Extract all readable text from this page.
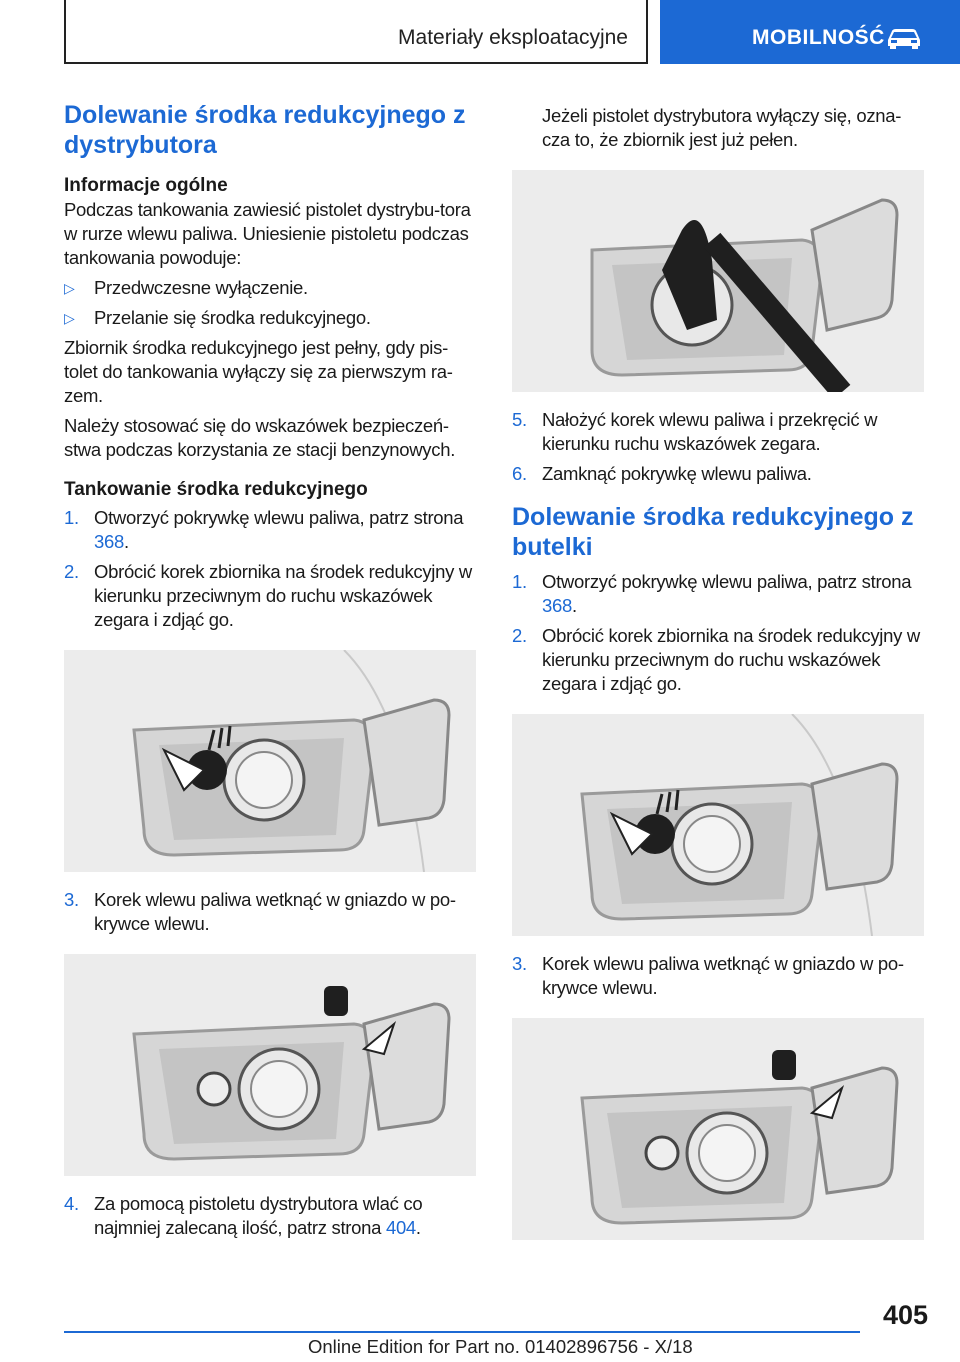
Materiały eksploatacyjne	MOBILNOŚĆ
Dolewanie środka redukcyjnego z dystrybutora
Informacje ogólne

Podczas tankowania zawiesić pistolet dystrybu-tora w rurze wlewu paliwa. Uniesienie pistoletu podczas tankowania powoduje:

▷ Przedwczesne wyłączenie.

▷ Przelanie się środka redukcyjnego.

Zbiornik środka redukcyjnego jest pełny, gdy pis-tolet do tankowania wyłączy się za pierwszym ra-zem.

Należy stosować się do wskazówek bezpieczeń-stwa podczas korzystania ze stacji benzynowych.

Tankowanie środka redukcyjnego

1. Otworzyć pokrywkę wlewu paliwa, patrz strona 368.

2. Obrócić korek zbiornika na środek redukcyjny w kierunku przeciwnym do ruchu wskazówek zegara i zdjąć go.

3. Korek wlewu paliwa wetknąć w gniazdo w po-krywce wlewu.

4. Za pomocą pistoletu dystrybutora wlać co najmniej zalecaną ilość, patrz strona 404.

Jeżeli pistolet dystrybutora wyłączy się, ozna-cza to, że zbiornik jest już pełen.

5. Nałożyć korek wlewu paliwa i przekręcić w kierunku ruchu wskazówek zegara.

6. Zamknąć pokrywkę wlewu paliwa.

Dolewanie środka redukcyjnego z butelki

1. Otworzyć pokrywkę wlewu paliwa, patrz strona 368.

2. Obrócić korek zbiornika na środek redukcyjny w kierunku przeciwnym do ruchu wskazówek zegara i zdjąć go.

3. Korek wlewu paliwa wetknąć w gniazdo w po-krywce wlewu.

405
Online Edition for Part no. 01402896756 - X/18
